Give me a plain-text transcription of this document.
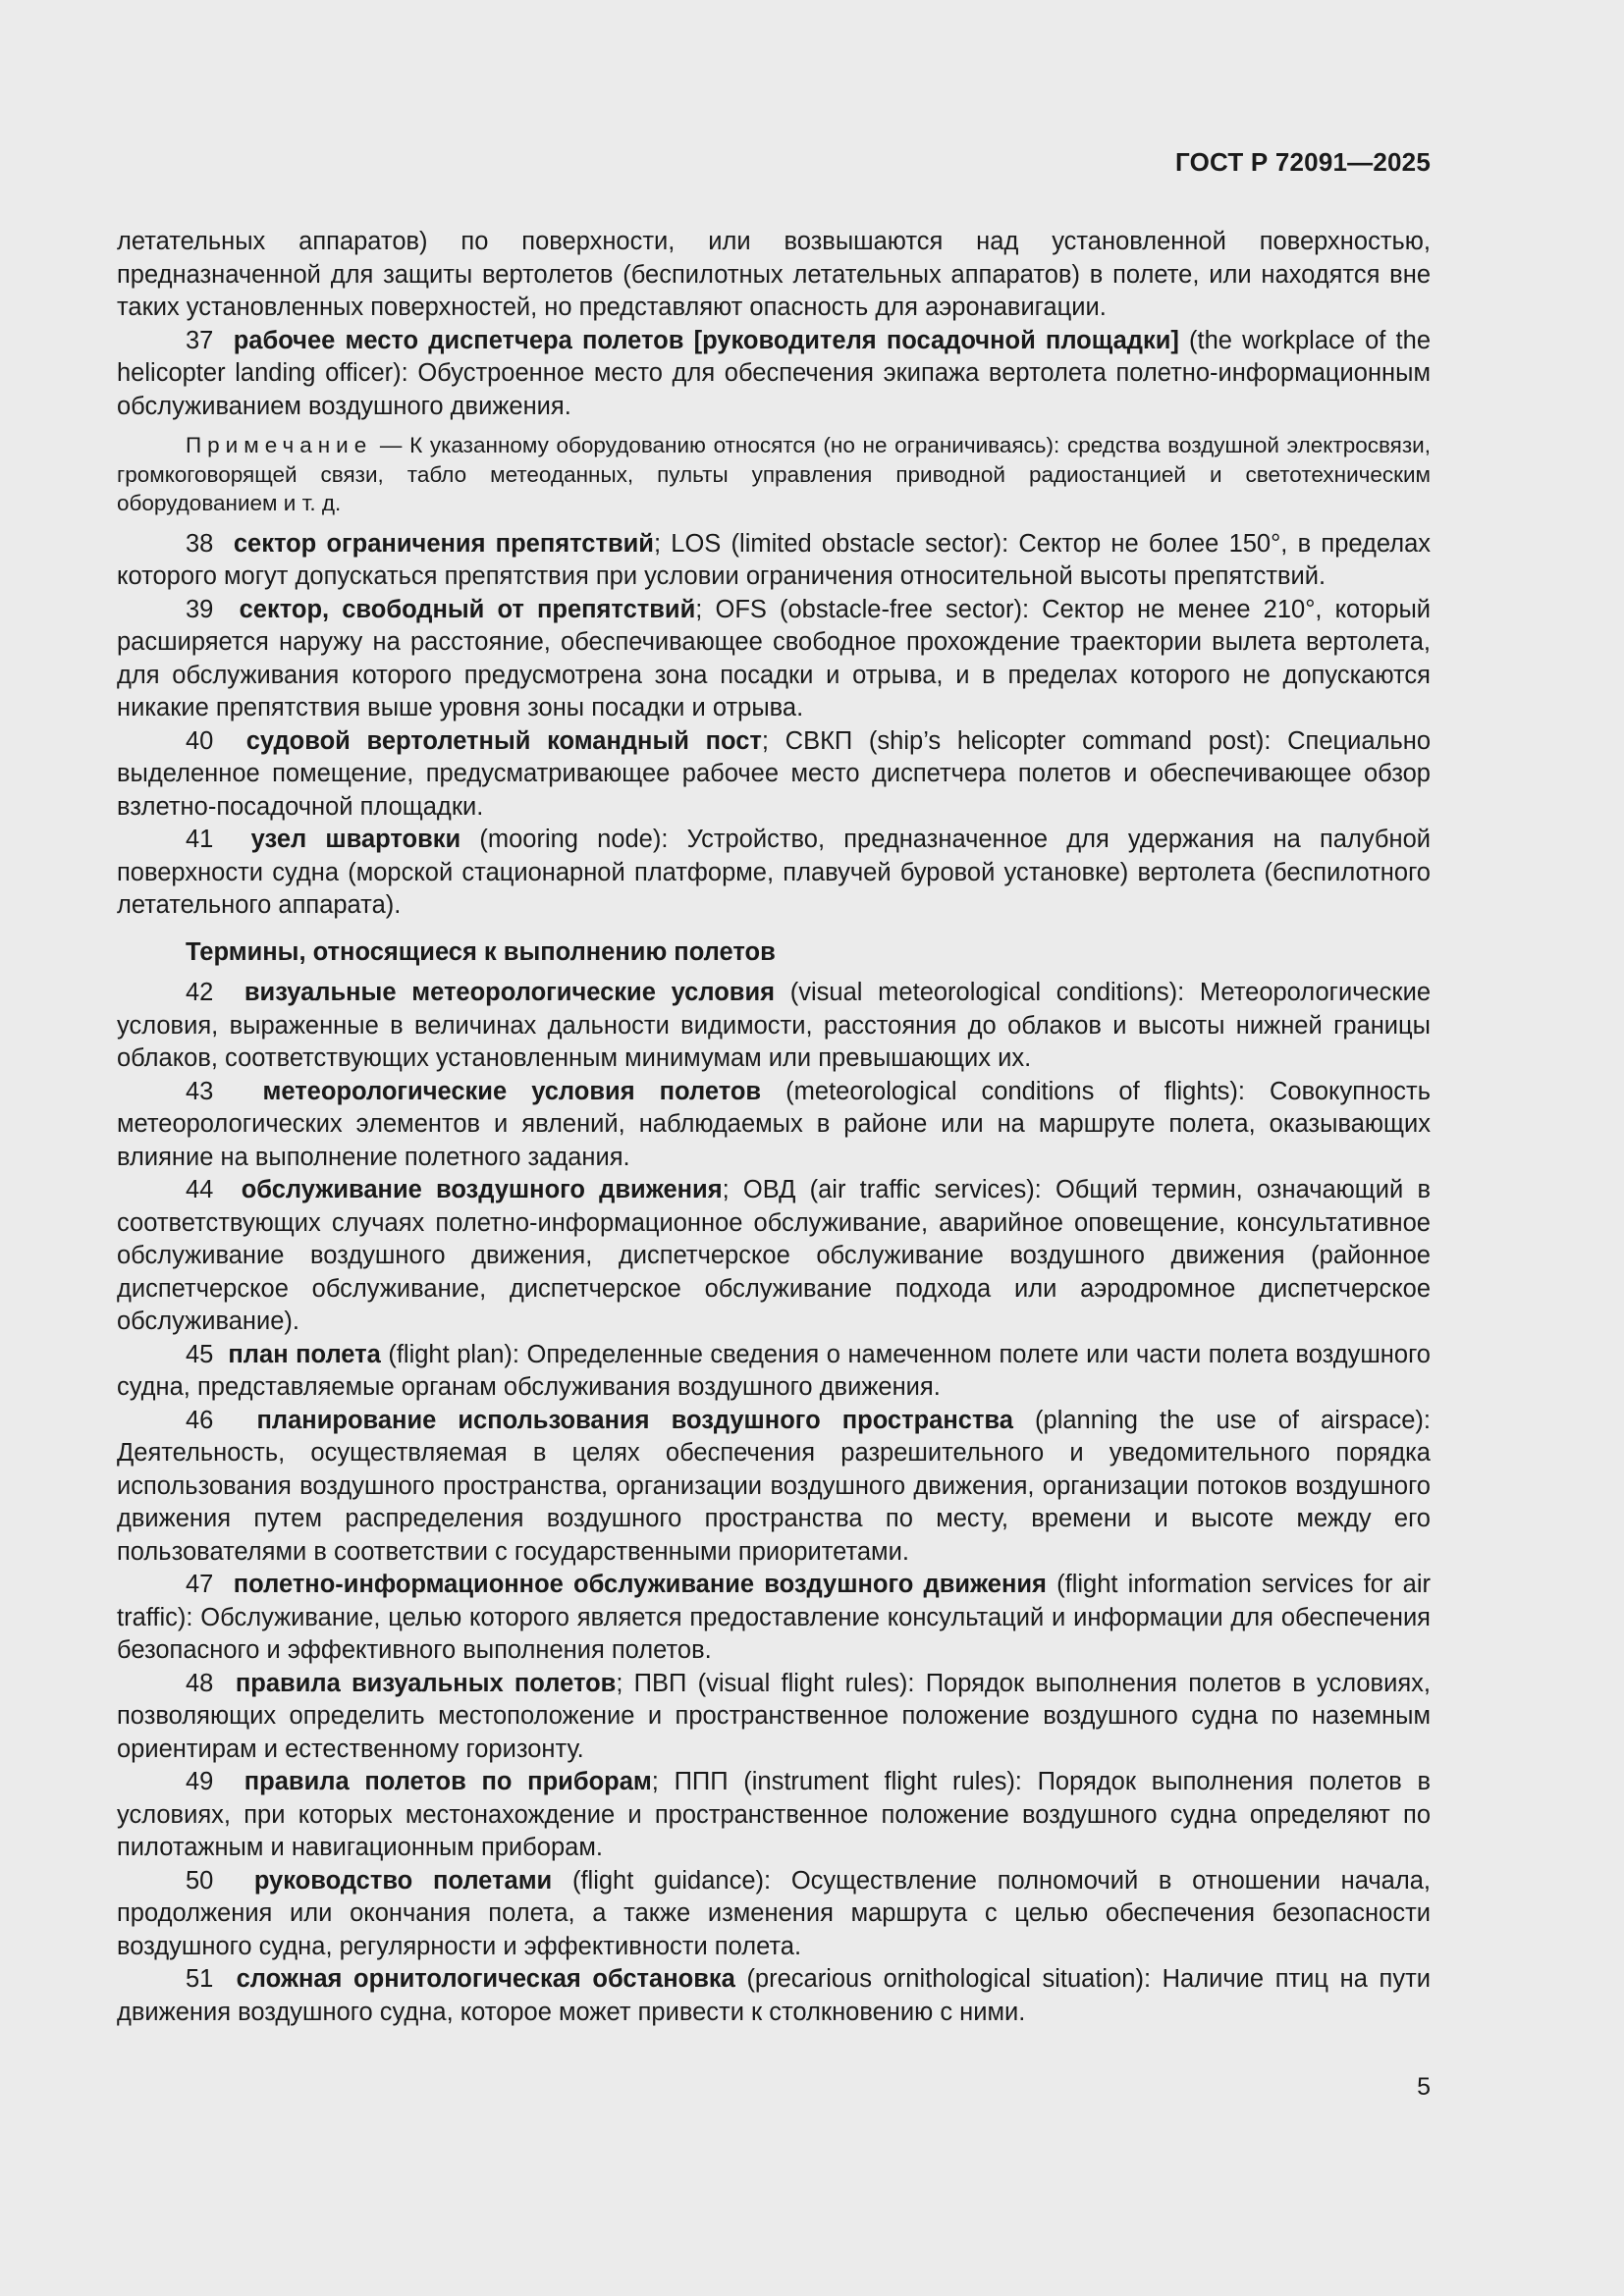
ГОСТ Р 72091—2025

летательных аппаратов) по поверхности, или возвышаются над установленной поверхностью, предназначенной для защиты вертолетов (беспилотных летательных аппаратов) в полете, или находятся вне таких установленных поверхностей, но представляют опасность для аэронавигации.

37 рабочее место диспетчера полетов [руководителя посадочной площадки] (the workplace of the helicopter landing officer): Обустроенное место для обеспечения экипажа вертолета полетно-информационным обслуживанием воздушного движения.

Примечание — К указанному оборудованию относятся (но не ограничиваясь): средства воздушной электросвязи, громкоговорящей связи, табло метеоданных, пульты управления приводной радиостанцией и светотехническим оборудованием и т. д.

38 сектор ограничения препятствий; LOS (limited obstacle sector): Сектор не более 150°, в пределах которого могут допускаться препятствия при условии ограничения относительной высоты препятствий.

39 сектор, свободный от препятствий; OFS (obstacle-free sector): Сектор не менее 210°, который расширяется наружу на расстояние, обеспечивающее свободное прохождение траектории вылета вертолета, для обслуживания которого предусмотрена зона посадки и отрыва, и в пределах которого не допускаются никакие препятствия выше уровня зоны посадки и отрыва.

40 судовой вертолетный командный пост; СВКП (ship’s helicopter command post): Специально выделенное помещение, предусматривающее рабочее место диспетчера полетов и обеспечивающее обзор взлетно-посадочной площадки.

41 узел швартовки (mooring node): Устройство, предназначенное для удержания на палубной поверхности судна (морской стационарной платформе, плавучей буровой установке) вертолета (беспилотного летательного аппарата).

Термины, относящиеся к выполнению полетов

42 визуальные метеорологические условия (visual meteorological conditions): Метеорологические условия, выраженные в величинах дальности видимости, расстояния до облаков и высоты нижней границы облаков, соответствующих установленным минимумам или превышающих их.

43 метеорологические условия полетов (meteorological conditions of flights): Совокупность метеорологических элементов и явлений, наблюдаемых в районе или на маршруте полета, оказывающих влияние на выполнение полетного задания.

44 обслуживание воздушного движения; ОВД (air traffic services): Общий термин, означающий в соответствующих случаях полетно-информационное обслуживание, аварийное оповещение, консультативное обслуживание воздушного движения, диспетчерское обслуживание воздушного движения (районное диспетчерское обслуживание, диспетчерское обслуживание подхода или аэродромное диспетчерское обслуживание).

45 план полета (flight plan): Определенные сведения о намеченном полете или части полета воздушного судна, представляемые органам обслуживания воздушного движения.

46 планирование использования воздушного пространства (planning the use of airspace): Деятельность, осуществляемая в целях обеспечения разрешительного и уведомительного порядка использования воздушного пространства, организации воздушного движения, организации потоков воздушного движения путем распределения воздушного пространства по месту, времени и высоте между его пользователями в соответствии с государственными приоритетами.

47 полетно-информационное обслуживание воздушного движения (flight information services for air traffic): Обслуживание, целью которого является предоставление консультаций и информации для обеспечения безопасного и эффективного выполнения полетов.

48 правила визуальных полетов; ПВП (visual flight rules): Порядок выполнения полетов в условиях, позволяющих определить местоположение и пространственное положение воздушного судна по наземным ориентирам и естественному горизонту.

49 правила полетов по приборам; ППП (instrument flight rules): Порядок выполнения полетов в условиях, при которых местонахождение и пространственное положение воздушного судна определяют по пилотажным и навигационным приборам.

50 руководство полетами (flight guidance): Осуществление полномочий в отношении начала, продолжения или окончания полета, а также изменения маршрута с целью обеспечения безопасности воздушного судна, регулярности и эффективности полета.

51 сложная орнитологическая обстановка (precarious ornithological situation): Наличие птиц на пути движения воздушного судна, которое может привести к столкновению с ними.

5
